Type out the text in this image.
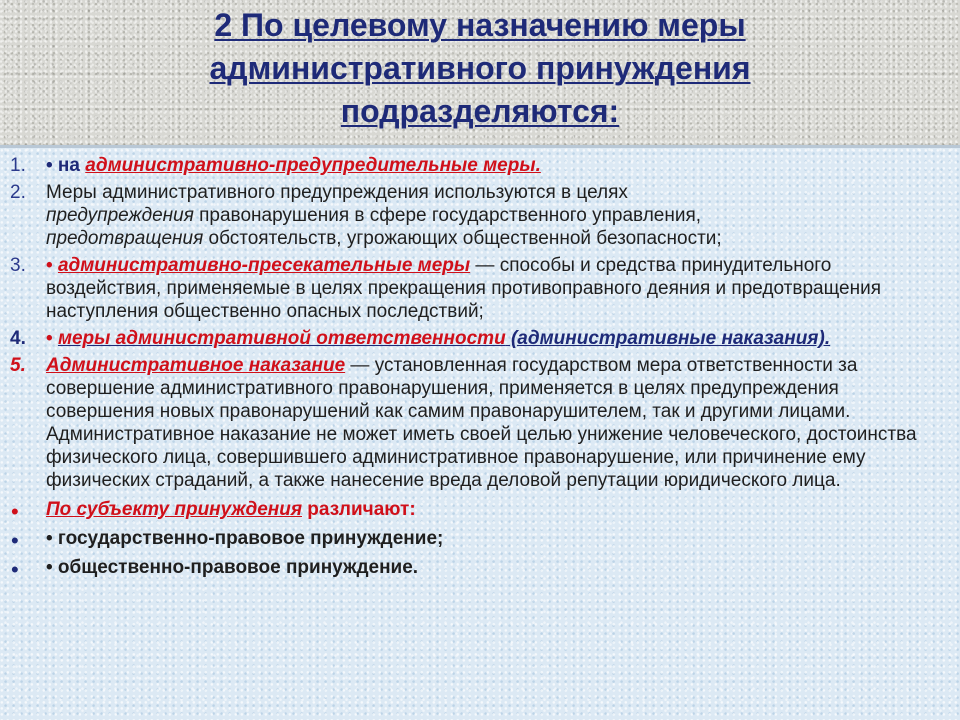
2 По целевому назначению меры
административного принуждения
подразделяются:
1.	• на административно-предупредительные меры.
2.	Меры административного предупреждения используются в целях
предупреждения правонарушения в сфере государственного управления,
предотвращения обстоятельств, угрожающих общественной безопасности;
3.	• административно-пресекательные меры — способы и средства принудительного воздействия, применяемые в целях прекращения противоправного деяния и предотвращения наступления общественно опасных последствий;
4.	• меры административной ответственности (административные наказания).
5.	Административное наказание — установленная государством мера ответственности за совершение административного правонарушения, применяется в целях предупреждения совершения новых правонарушений как самим правонарушителем, так и другими лицами. Административное наказание не может иметь своей целью унижение человеческого, достоинства физического лица, совершившего административное правонарушение, или причинение ему физических страданий, а также нанесение вреда деловой репутации юридического лица.
•	По субъекту принуждения различают:
•	• государственно-правовое принуждение;
•	• общественно-правовое принуждение.
